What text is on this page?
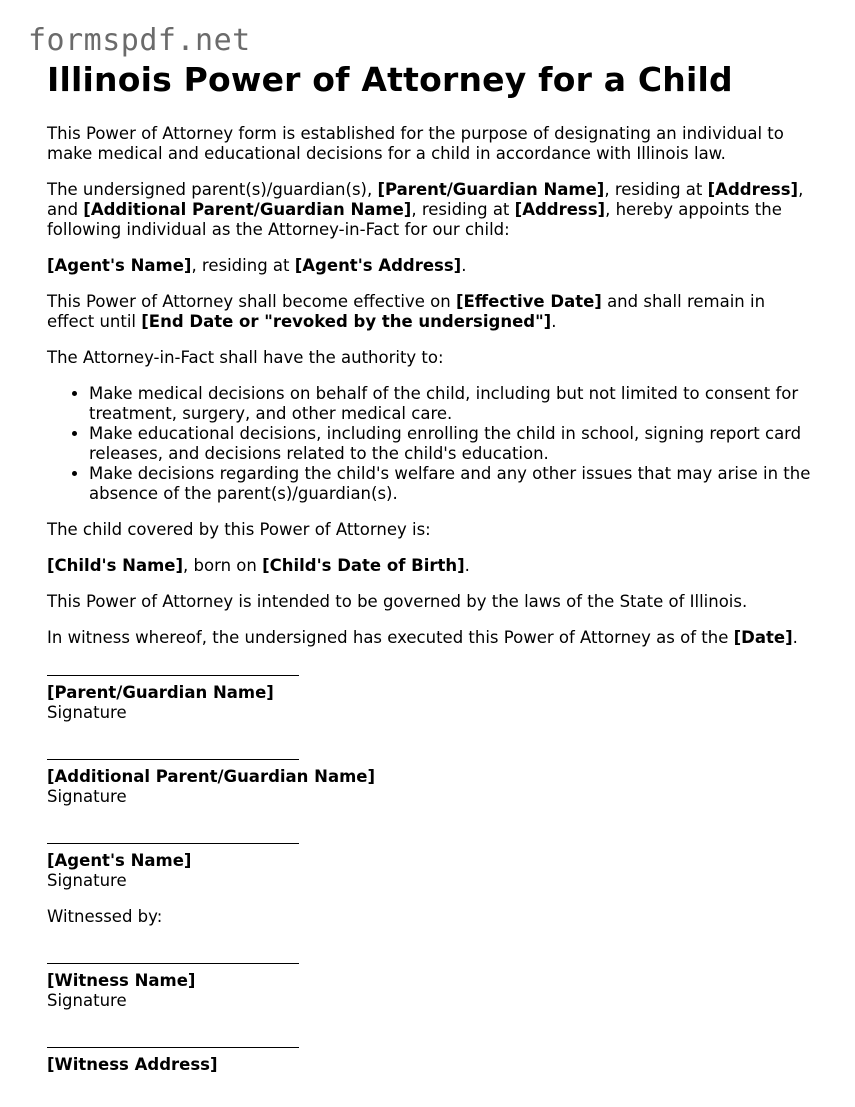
formspdf.net
Illinois Power of Attorney for a Child

This Power of Attorney form is established for the purpose of designating an individual to make medical and educational decisions for a child in accordance with Illinois law.

The undersigned parent(s)/guardian(s), [Parent/Guardian Name], residing at [Address], and [Additional Parent/Guardian Name], residing at [Address], hereby appoints the following individual as the Attorney-in-Fact for our child:

[Agent's Name], residing at [Agent's Address].

This Power of Attorney shall become effective on [Effective Date] and shall remain in effect until [End Date or "revoked by the undersigned"].

The Attorney-in-Fact shall have the authority to:

• Make medical decisions on behalf of the child, including but not limited to consent for treatment, surgery, and other medical care.
• Make educational decisions, including enrolling the child in school, signing report card releases, and decisions related to the child's education.
• Make decisions regarding the child's welfare and any other issues that may arise in the absence of the parent(s)/guardian(s).

The child covered by this Power of Attorney is:

[Child's Name], born on [Child's Date of Birth].

This Power of Attorney is intended to be governed by the laws of the State of Illinois.

In witness whereof, the undersigned has executed this Power of Attorney as of the [Date].

[Parent/Guardian Name]
Signature
[Additional Parent/Guardian Name]
Signature
[Agent's Name]
Signature
Witnessed by:
[Witness Name]
Signature
[Witness Address]
